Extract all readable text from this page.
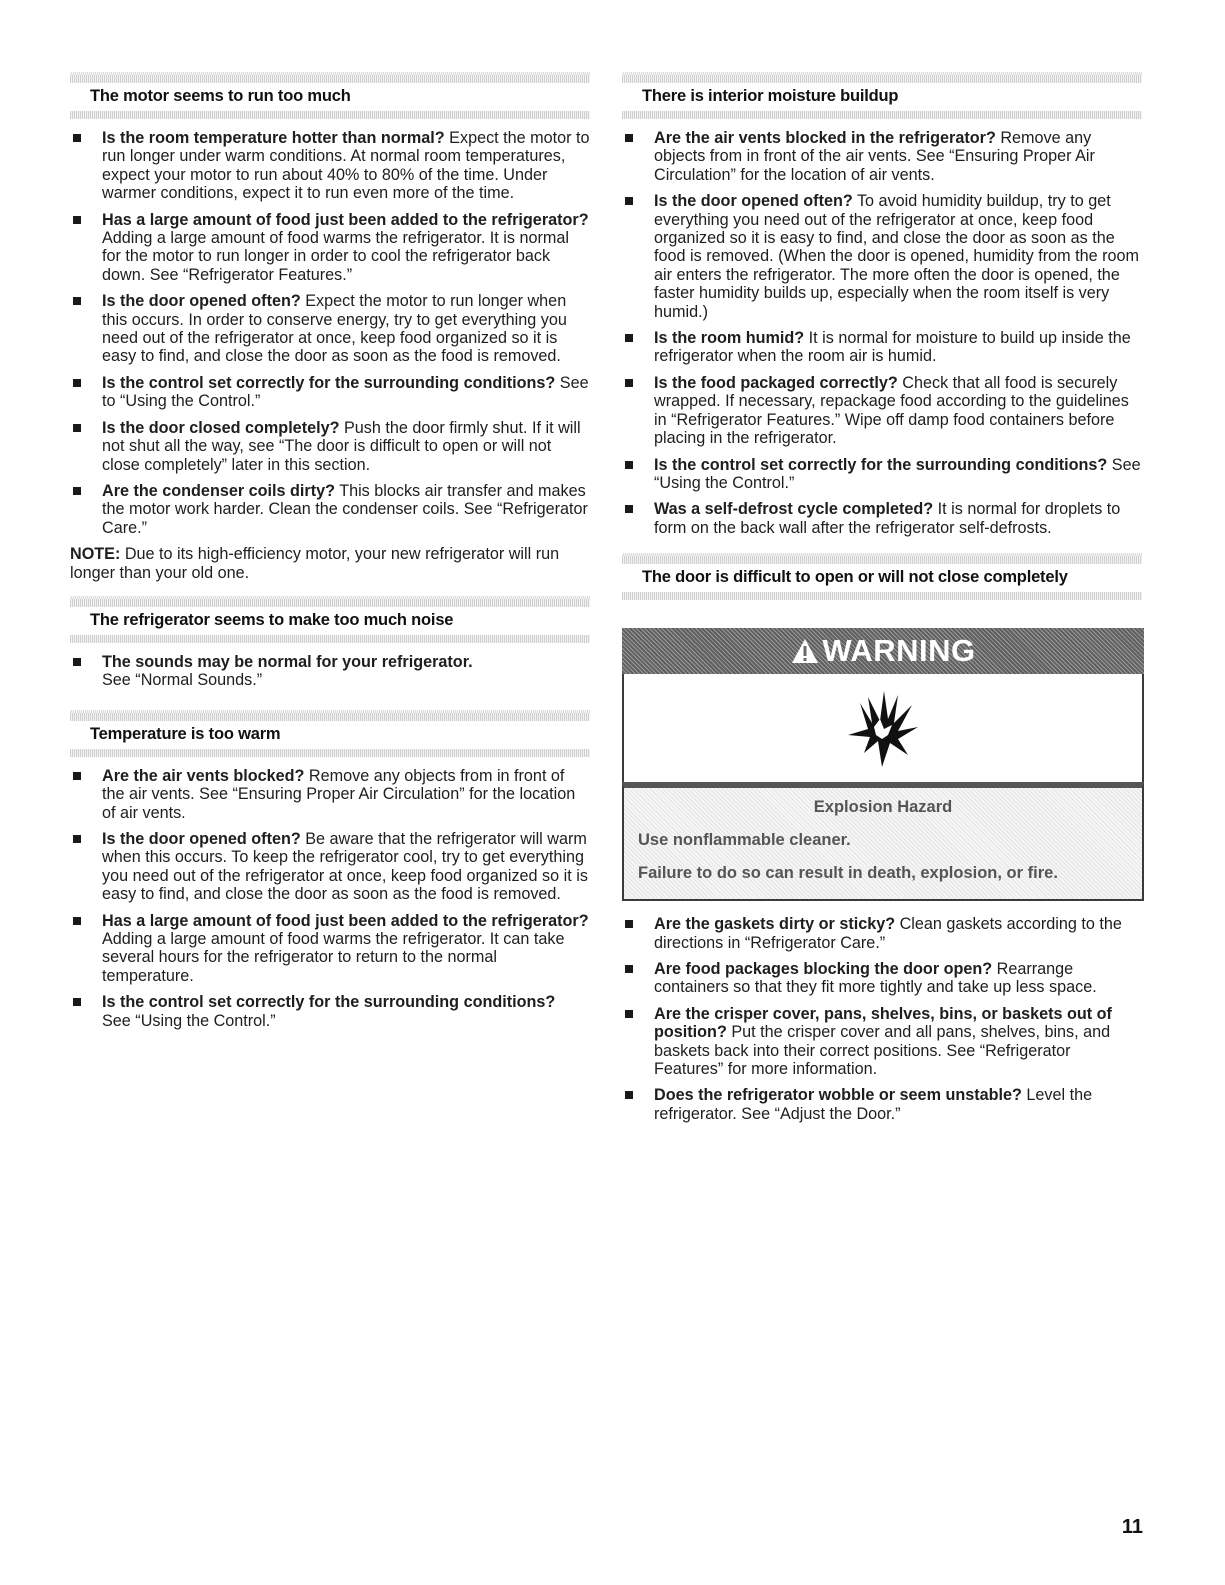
The motor seems to run too much
Is the room temperature hotter than normal? Expect the motor to run longer under warm conditions. At normal room temperatures, expect your motor to run about 40% to 80% of the time. Under warmer conditions, expect it to run even more of the time.
Has a large amount of food just been added to the refrigerator? Adding a large amount of food warms the refrigerator. It is normal for the motor to run longer in order to cool the refrigerator back down. See “Refrigerator Features.”
Is the door opened often? Expect the motor to run longer when this occurs. In order to conserve energy, try to get everything you need out of the refrigerator at once, keep food organized so it is easy to find, and close the door as soon as the food is removed.
Is the control set correctly for the surrounding conditions? See to “Using the Control.”
Is the door closed completely? Push the door firmly shut. If it will not shut all the way, see “The door is difficult to open or will not close completely” later in this section.
Are the condenser coils dirty? This blocks air transfer and makes the motor work harder. Clean the condenser coils. See “Refrigerator Care.”

NOTE: Due to its high-efficiency motor, your new refrigerator will run longer than your old one.

The refrigerator seems to make too much noise
The sounds may be normal for your refrigerator.
See “Normal Sounds.”
Temperature is too warm
Are the air vents blocked? Remove any objects from in front of the air vents. See “Ensuring Proper Air Circulation” for the location of air vents.
Is the door opened often? Be aware that the refrigerator will warm when this occurs. To keep the refrigerator cool, try to get everything you need out of the refrigerator at once, keep food organized so it is easy to find, and close the door as soon as the food is removed.
Has a large amount of food just been added to the refrigerator? Adding a large amount of food warms the refrigerator. It can take several hours for the refrigerator to return to the normal temperature.
Is the control set correctly for the surrounding conditions?
See “Using the Control.”
There is interior moisture buildup
Are the air vents blocked in the refrigerator? Remove any objects from in front of the air vents. See “Ensuring Proper Air Circulation” for the location of air vents.
Is the door opened often? To avoid humidity buildup, try to get everything you need out of the refrigerator at once, keep food organized so it is easy to find, and close the door as soon as the food is removed. (When the door is opened, humidity from the room air enters the refrigerator. The more often the door is opened, the faster humidity builds up, especially when the room itself is very humid.)
Is the room humid? It is normal for moisture to build up inside the refrigerator when the room air is humid.
Is the food packaged correctly? Check that all food is securely wrapped. If necessary, repackage food according to the guidelines in “Refrigerator Features.” Wipe off damp food containers before placing in the refrigerator.
Is the control set correctly for the surrounding conditions? See “Using the Control.”
Was a self-defrost cycle completed? It is normal for droplets to form on the back wall after the refrigerator self-defrosts.
The door is difficult to open or will not close completely
WARNING
Explosion Hazard
Use nonflammable cleaner.
Failure to do so can result in death, explosion, or fire.
Are the gaskets dirty or sticky? Clean gaskets according to the directions in “Refrigerator Care.”
Are food packages blocking the door open? Rearrange containers so that they fit more tightly and take up less space.
Are the crisper cover, pans, shelves, bins, or baskets out of position? Put the crisper cover and all pans, shelves, bins, and baskets back into their correct positions. See “Refrigerator Features” for more information.
Does the refrigerator wobble or seem unstable? Level the refrigerator. See “Adjust the Door.”
11
